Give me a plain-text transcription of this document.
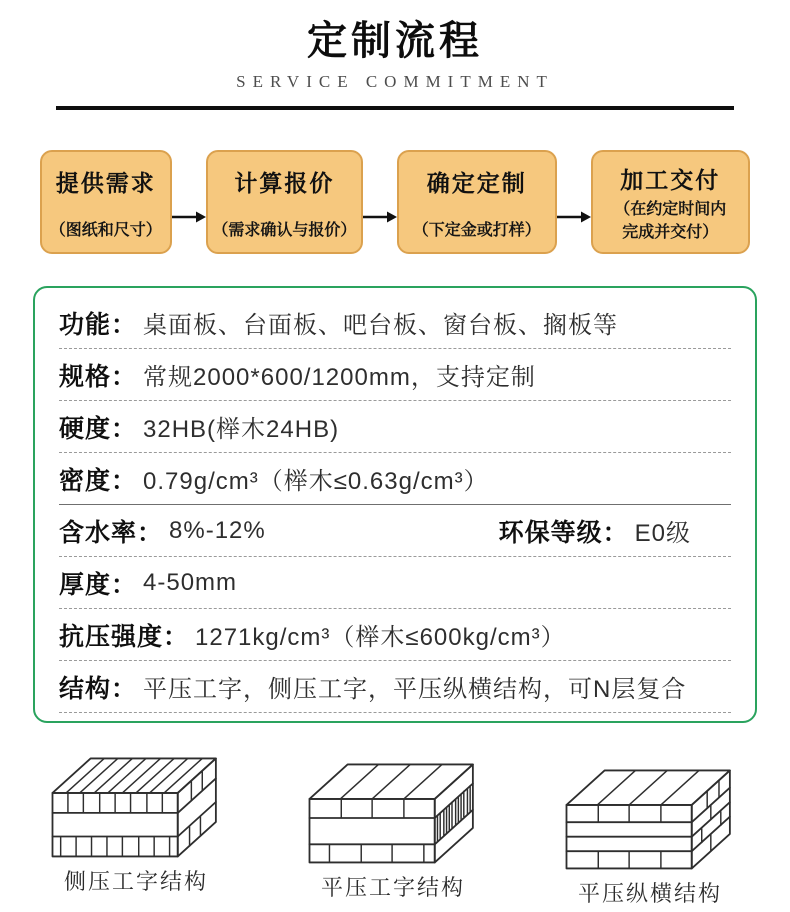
定制流程
SERVICE COMMITMENT
提供需求
（图纸和尺寸）
计算报价
（需求确认与报价）
确定定制
（下定金或打样）
加工交付
（在约定时间内
完成并交付）
功能： 桌面板、台面板、吧台板、窗台板、搁板等
规格： 常规2000*600/1200mm，支持定制
硬度： 32HB(榉木24HB)
密度： 0.79g/cm³（榉木≤0.63g/cm³）
含水率： 8%-12%	环保等级： E0级
厚度： 4-50mm
抗压强度： 1271kg/cm³（榉木≤600kg/cm³）
结构： 平压工字，侧压工字，平压纵横结构，可N层复合
侧压工字结构	平压工字结构	平压纵横结构
